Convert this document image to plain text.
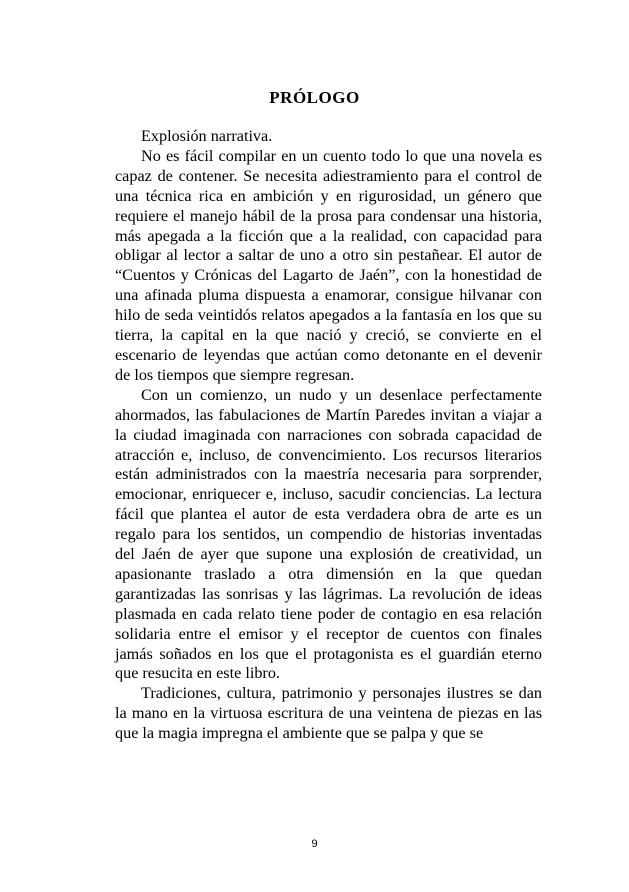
PRÓLOGO

Explosión narrativa.

No es fácil compilar en un cuento todo lo que una novela es capaz de contener. Se necesita adiestramiento para el control de una técnica rica en ambición y en rigurosidad, un género que requiere el manejo hábil de la prosa para condensar una historia, más apegada a la ficción que a la realidad, con capacidad para obligar al lector a saltar de uno a otro sin pestañear. El autor de “Cuentos y Crónicas del Lagarto de Jaén”, con la honestidad de una afinada pluma dispuesta a enamorar, consigue hilvanar con hilo de seda veintidós relatos apegados a la fantasía en los que su tierra, la capital en la que nació y creció, se convierte en el escenario de leyendas que actúan como detonante en el devenir de los tiempos que siempre regresan.

Con un comienzo, un nudo y un desenlace perfectamente ahormados, las fabulaciones de Martín Paredes invitan a viajar a la ciudad imaginada con narraciones con sobrada capacidad de atracción e, incluso, de convencimiento. Los recursos literarios están administrados con la maestría necesaria para sorprender, emocionar, enriquecer e, incluso, sacudir conciencias. La lectura fácil que plantea el autor de esta verdadera obra de arte es un regalo para los sentidos, un compendio de historias inventadas del Jaén de ayer que supone una explosión de creatividad, un apasionante traslado a otra dimensión en la que quedan garantizadas las sonrisas y las lágrimas. La revolución de ideas plasmada en cada relato tiene poder de contagio en esa relación solidaria entre el emisor y el receptor de cuentos con finales jamás soñados en los que el protagonista es el guardián eterno que resucita en este libro.

Tradiciones, cultura, patrimonio y personajes ilustres se dan la mano en la virtuosa escritura de una veintena de piezas en las que la magia impregna el ambiente que se palpa y que se

9
